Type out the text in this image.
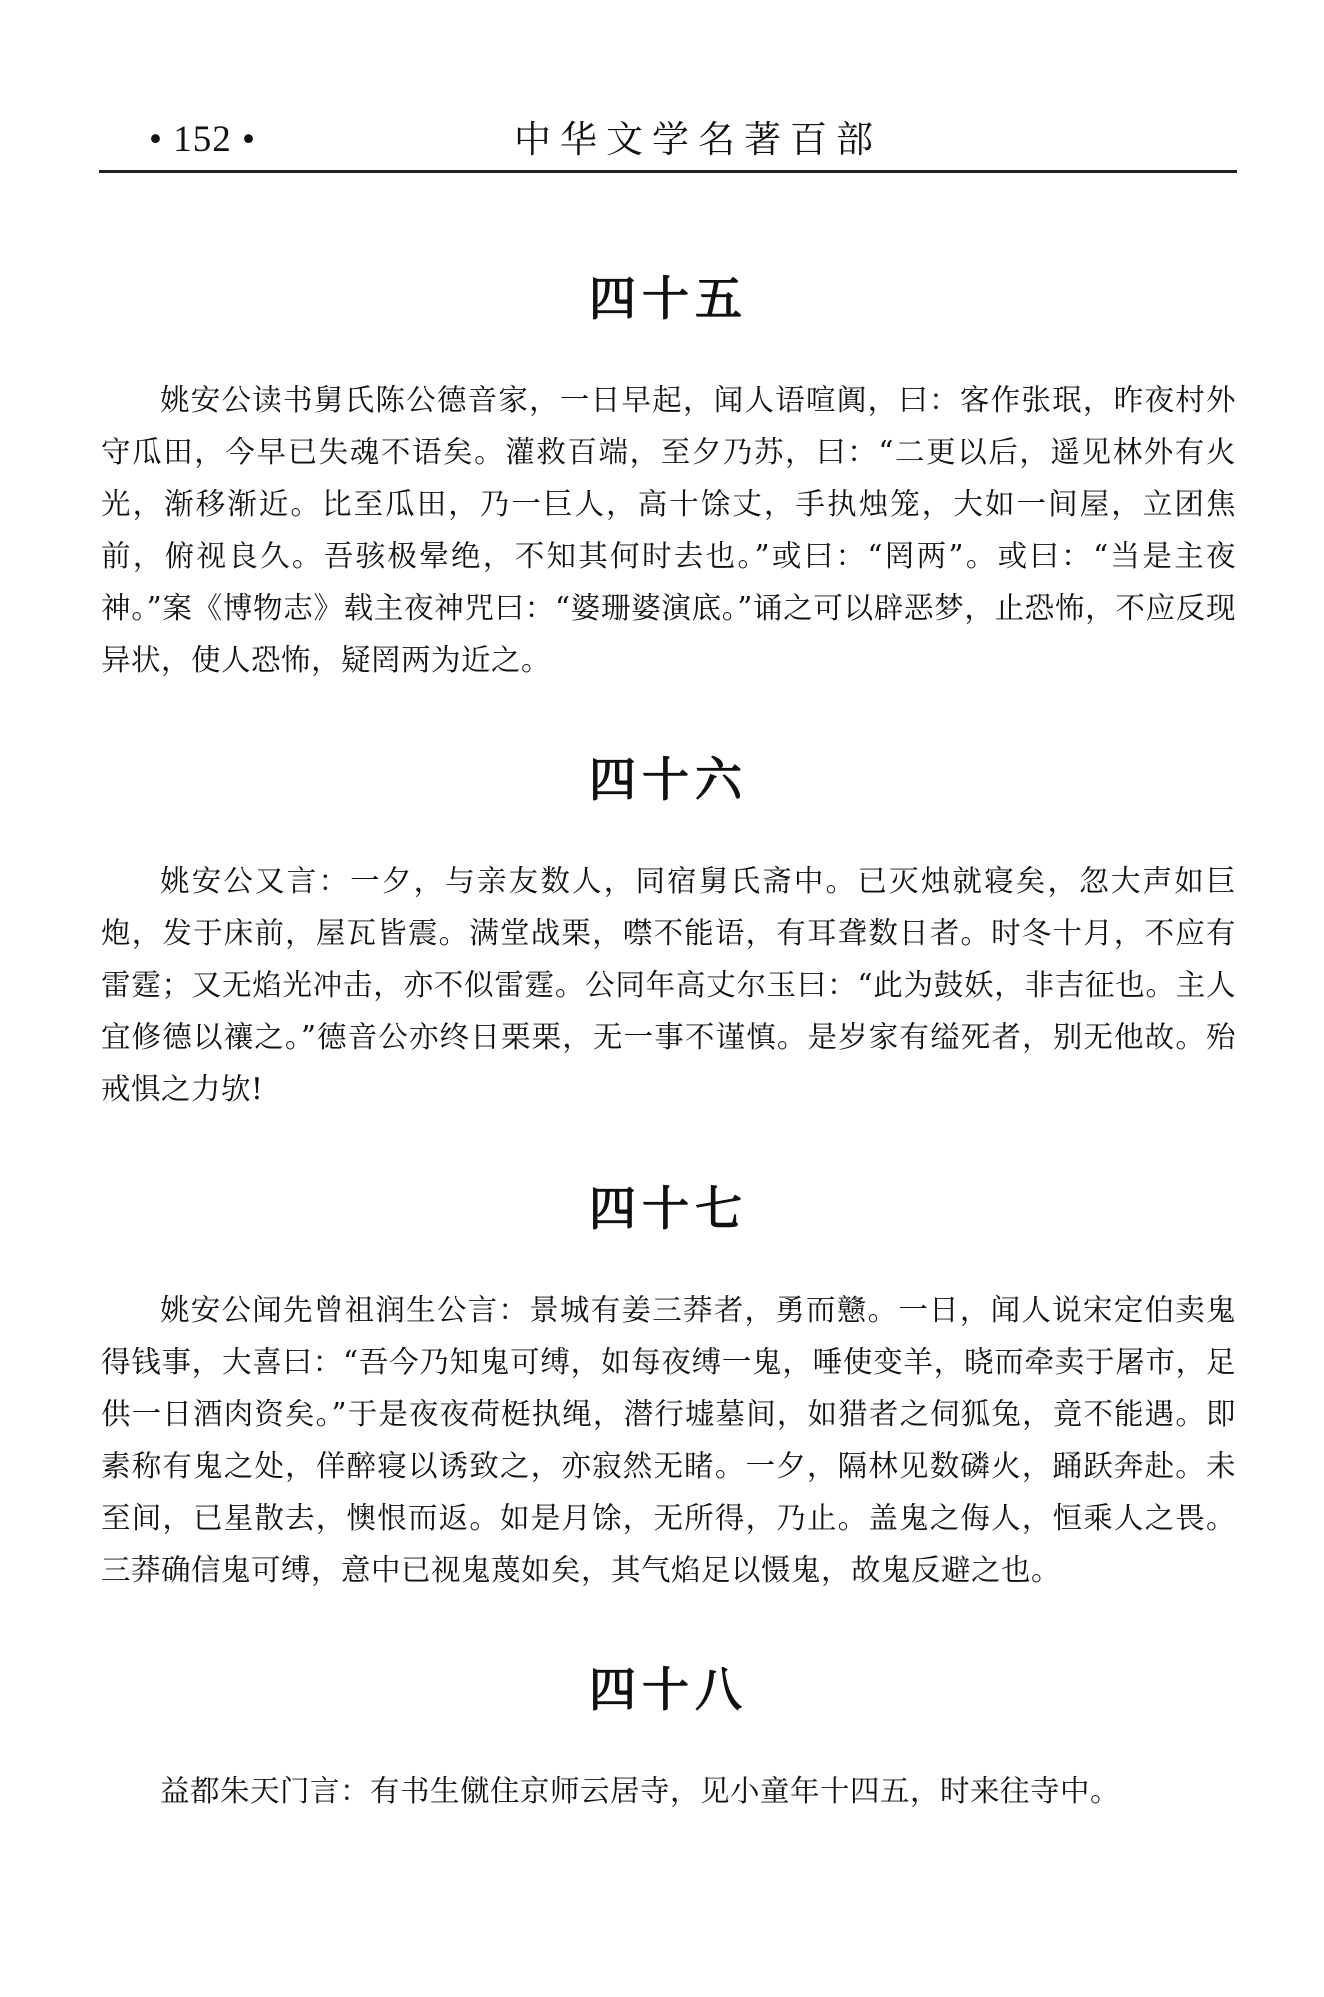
• 152 •	中华文学名著百部
四十五

姚安公读书舅氏陈公德音家，一日早起，闻人语喧阗，曰：客作张珉，昨夜村外守瓜田，今早已失魂不语矣。灌救百端，至夕乃苏，曰：“二更以后，遥见林外有火光，渐移渐近。比至瓜田，乃一巨人，高十馀丈，手执烛笼，大如一间屋，立团焦前，俯视良久。吾骇极晕绝，不知其何时去也。”或曰：“罔两”。或曰：“当是主夜神。”案《博物志》载主夜神咒曰：“婆珊婆演底。”诵之可以辟恶梦，止恐怖，不应反现异状，使人恐怖，疑罔两为近之。

四十六

姚安公又言：一夕，与亲友数人，同宿舅氏斋中。已灭烛就寝矣，忽大声如巨炮，发于床前，屋瓦皆震。满堂战栗，噤不能语，有耳聋数日者。时冬十月，不应有雷霆；又无焰光冲击，亦不似雷霆。公同年高丈尔玉曰：“此为鼓妖，非吉征也。主人宜修德以禳之。”德音公亦终日栗栗，无一事不谨慎。是岁家有缢死者，别无他故。殆戒惧之力欤!

四十七

姚安公闻先曾祖润生公言：景城有姜三莽者，勇而戆。一日，闻人说宋定伯卖鬼得钱事，大喜曰：“吾今乃知鬼可缚，如每夜缚一鬼，唾使变羊，晓而牵卖于屠市，足供一日酒肉资矣。”于是夜夜荷梃执绳，潜行墟墓间，如猎者之伺狐兔，竟不能遇。即素称有鬼之处，佯醉寝以诱致之，亦寂然无睹。一夕，隔林见数磷火，踊跃奔赴。未至间，已星散去，懊恨而返。如是月馀，无所得，乃止。盖鬼之侮人，恒乘人之畏。三莽确信鬼可缚，意中已视鬼蔑如矣，其气焰足以慑鬼，故鬼反避之也。

四十八

益都朱天门言：有书生僦住京师云居寺，见小童年十四五，时来往寺中。
